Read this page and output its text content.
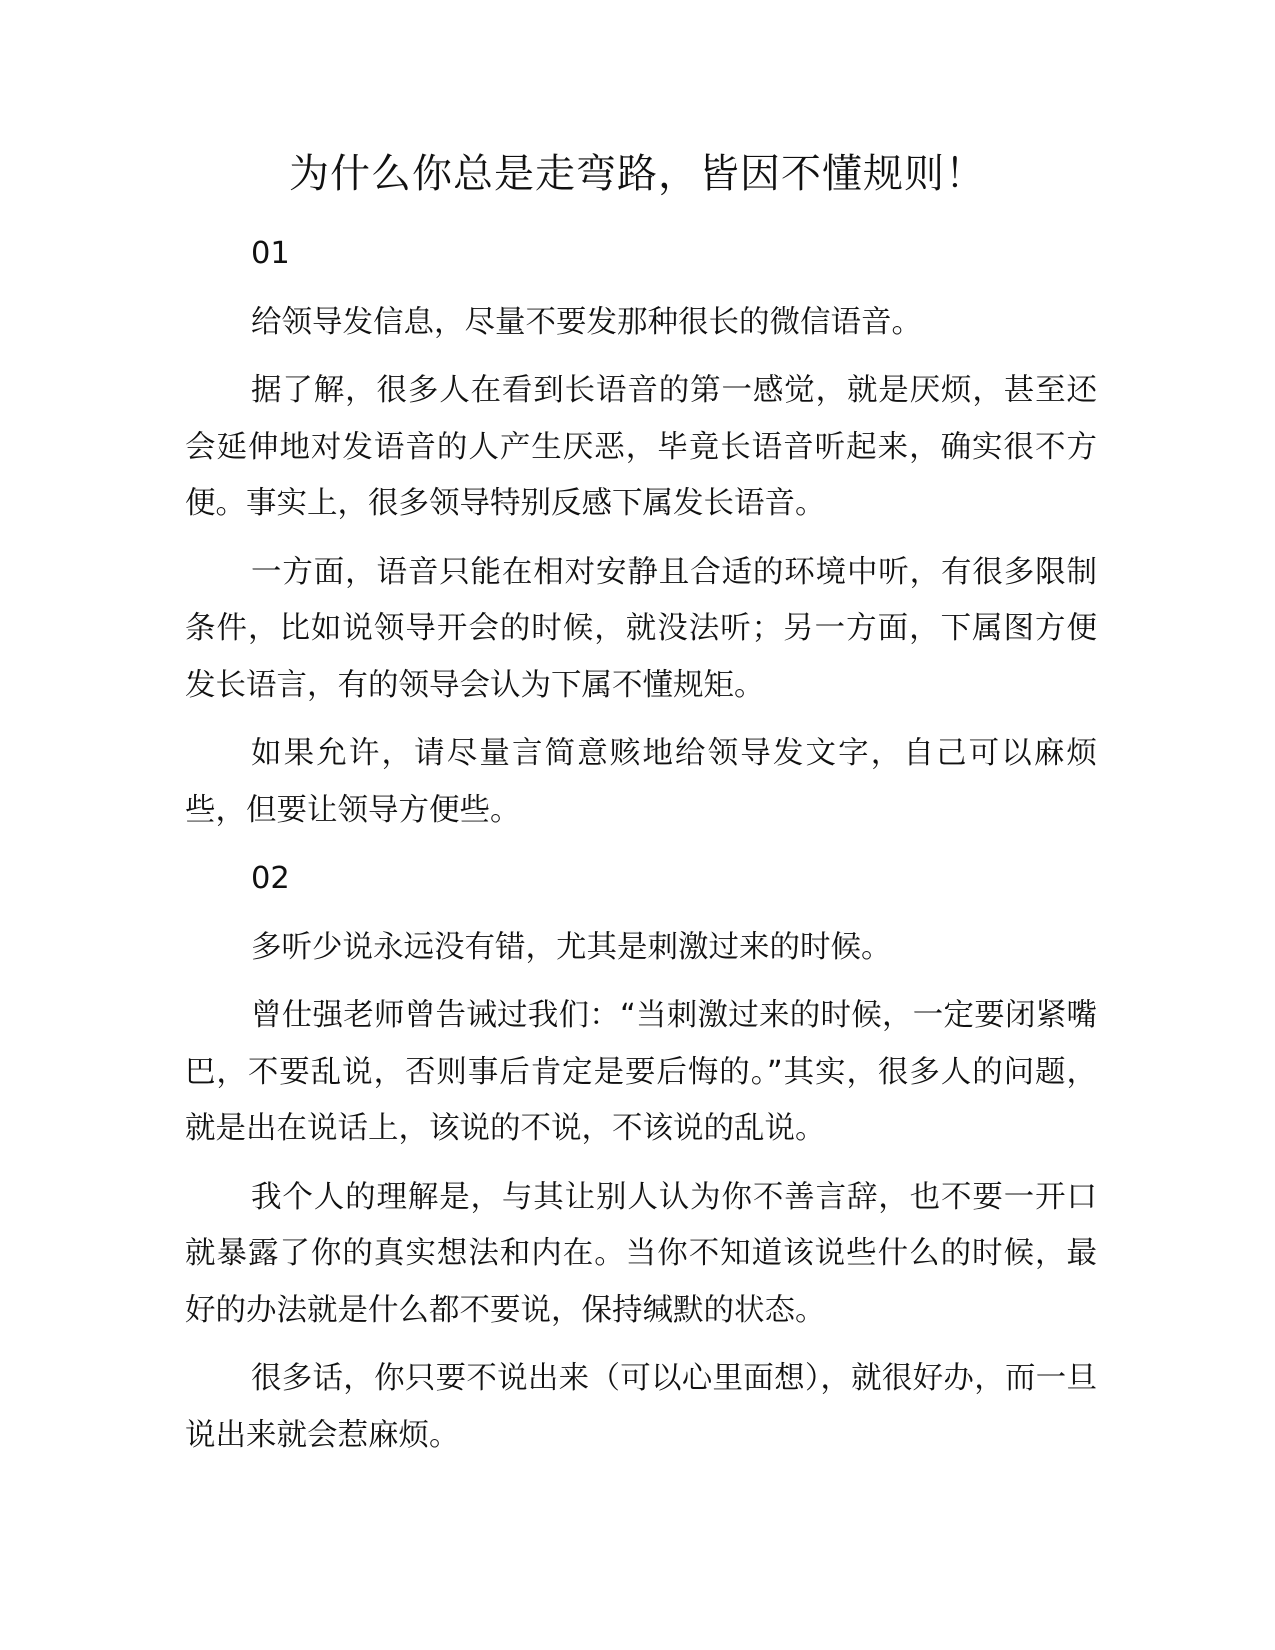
为什么你总是走弯路，皆因不懂规则！

01

给领导发信息，尽量不要发那种很长的微信语音。

据了解，很多人在看到长语音的第一感觉，就是厌烦，甚至还会延伸地对发语音的人产生厌恶，毕竟长语音听起来，确实很不方便。事实上，很多领导特别反感下属发长语音。

一方面，语音只能在相对安静且合适的环境中听，有很多限制条件，比如说领导开会的时候，就没法听；另一方面，下属图方便发长语言，有的领导会认为下属不懂规矩。

如果允许，请尽量言简意赅地给领导发文字，自己可以麻烦些，但要让领导方便些。

02

多听少说永远没有错，尤其是刺激过来的时候。

曾仕强老师曾告诫过我们：“当刺激过来的时候，一定要闭紧嘴巴，不要乱说，否则事后肯定是要后悔的。”其实，很多人的问题，就是出在说话上，该说的不说，不该说的乱说。

我个人的理解是，与其让别人认为你不善言辞，也不要一开口就暴露了你的真实想法和内在。当你不知道该说些什么的时候，最好的办法就是什么都不要说，保持缄默的状态。

很多话，你只要不说出来（可以心里面想），就很好办，而一旦说出来就会惹麻烦。
